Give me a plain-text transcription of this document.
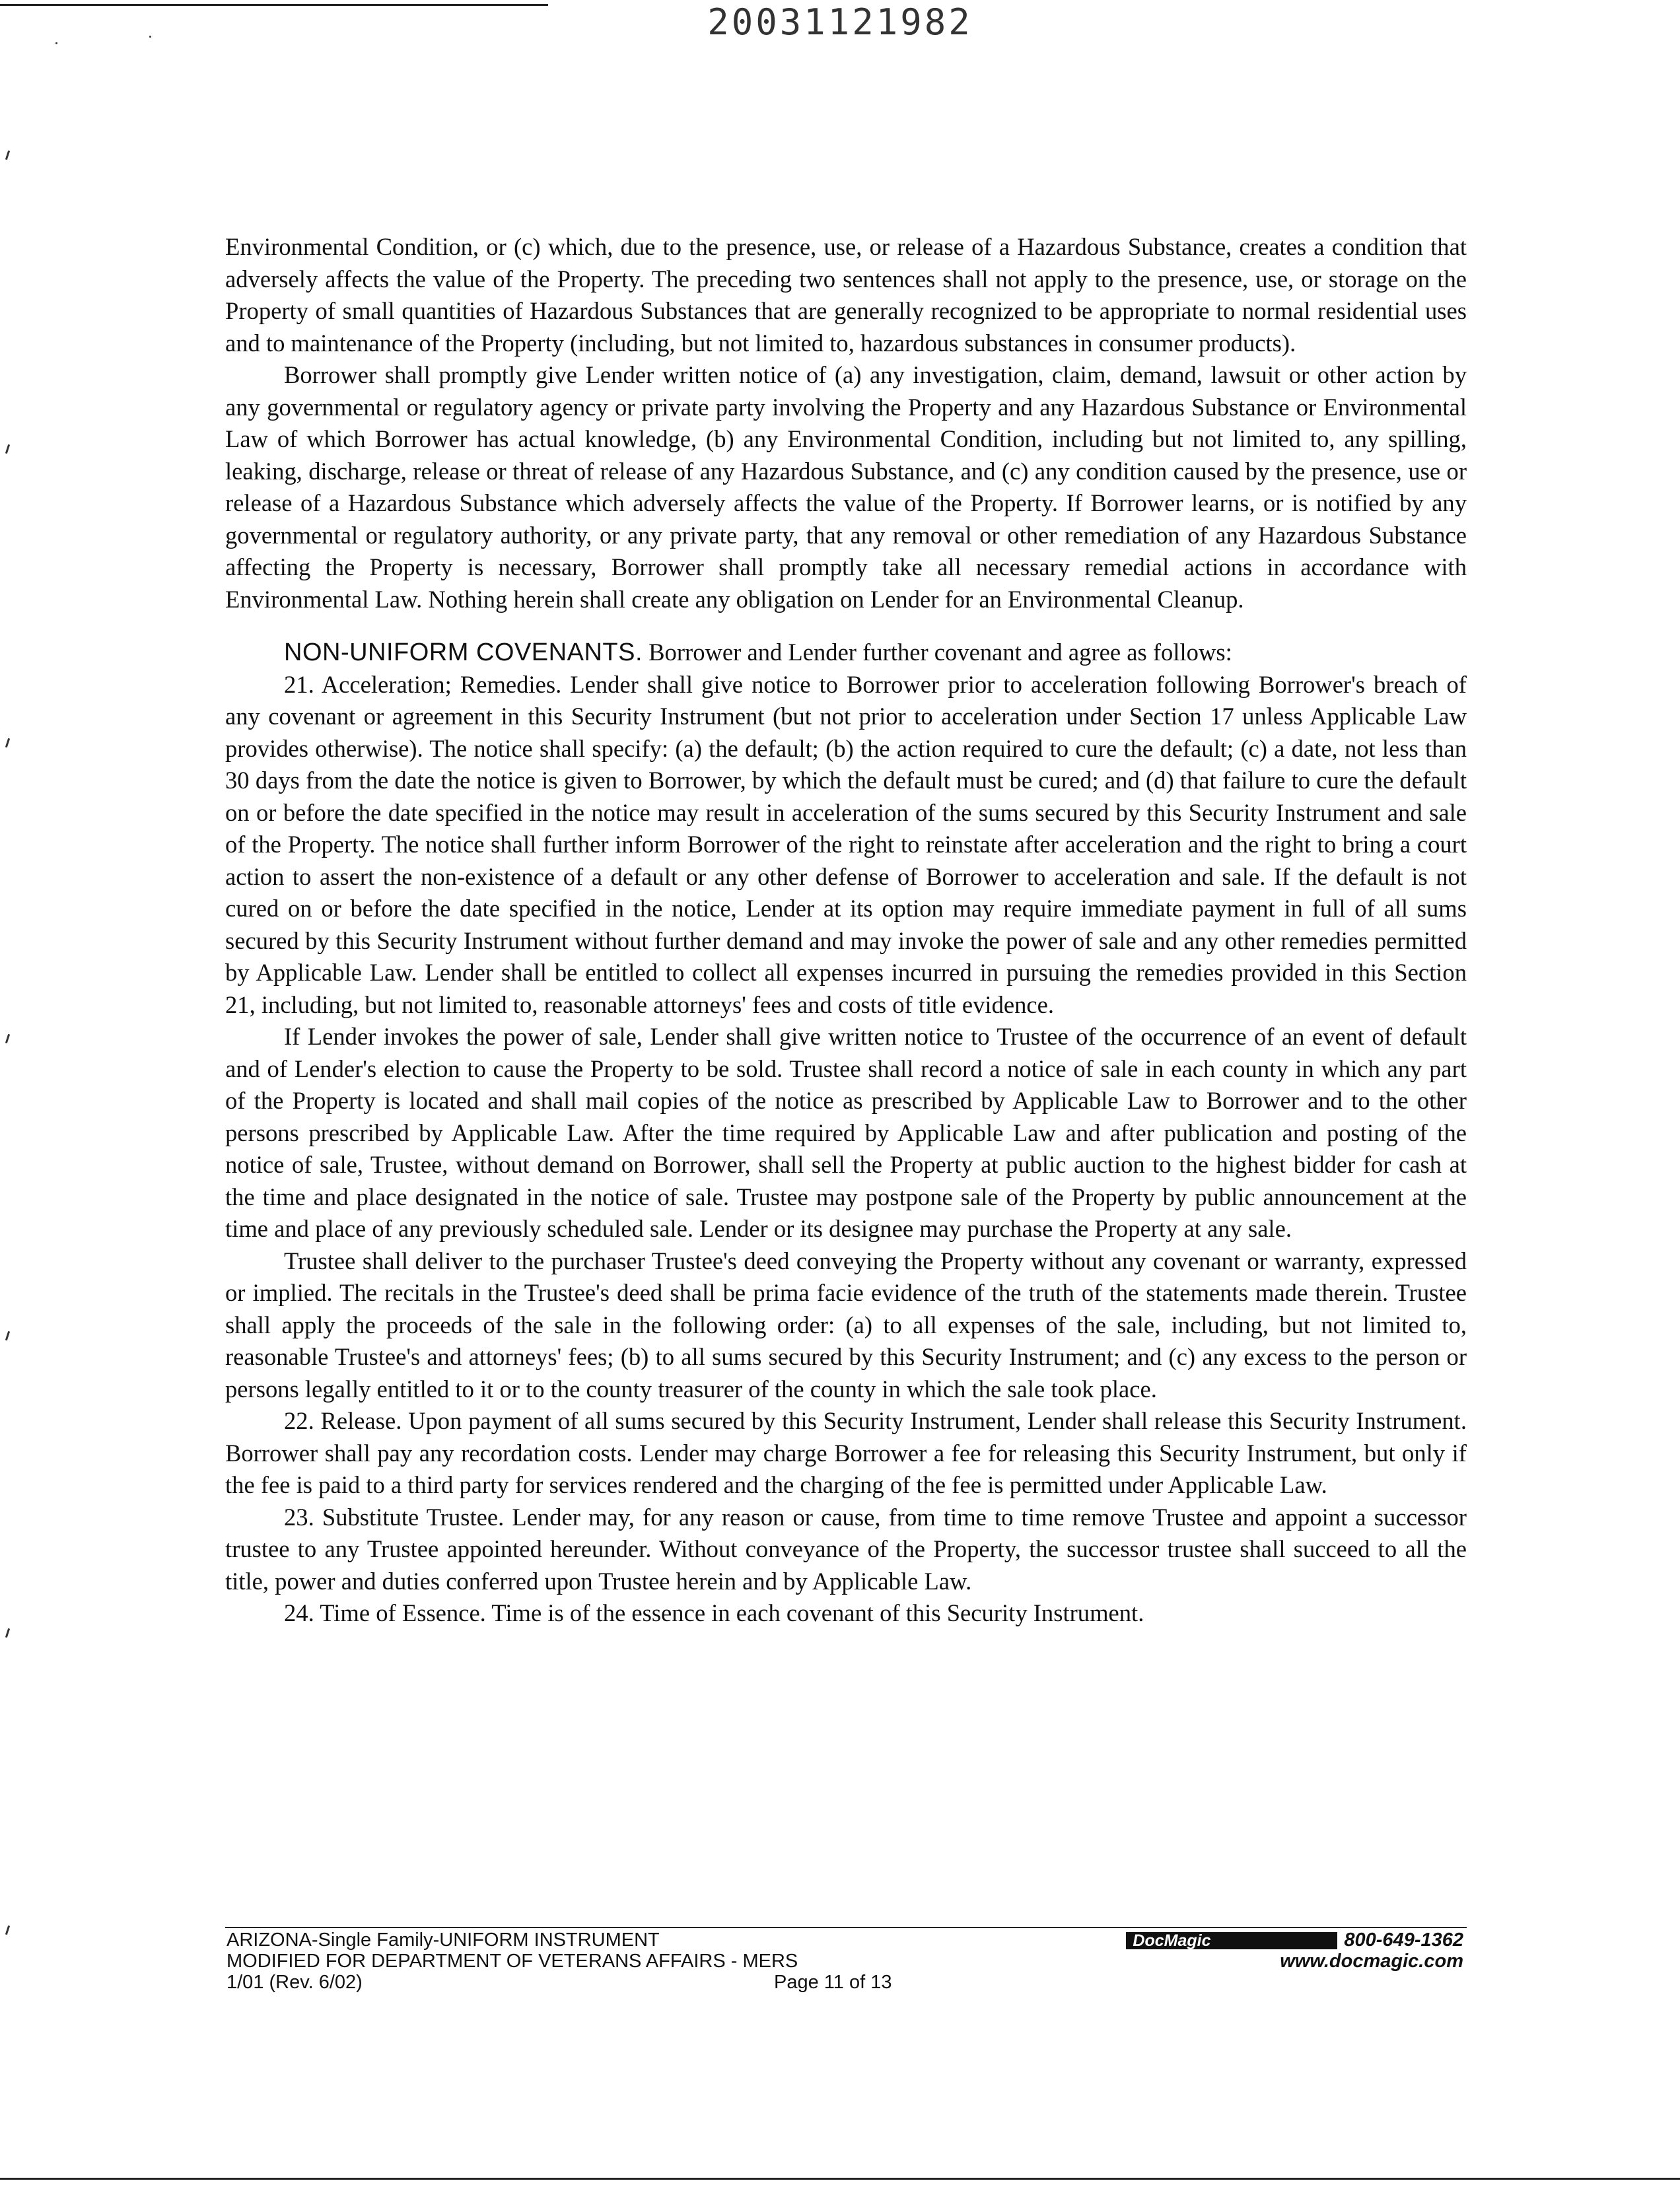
20031121982

Environmental Condition, or (c) which, due to the presence, use, or release of a Hazardous Substance, creates a condition that adversely affects the value of the Property. The preceding two sentences shall not apply to the presence, use, or storage on the Property of small quantities of Hazardous Substances that are generally recognized to be appropriate to normal residential uses and to maintenance of the Property (including, but not limited to, hazardous substances in consumer products).

Borrower shall promptly give Lender written notice of (a) any investigation, claim, demand, lawsuit or other action by any governmental or regulatory agency or private party involving the Property and any Hazardous Substance or Environmental Law of which Borrower has actual knowledge, (b) any Environmental Condition, including but not limited to, any spilling, leaking, discharge, release or threat of release of any Hazardous Substance, and (c) any condition caused by the presence, use or release of a Hazardous Substance which adversely affects the value of the Property. If Borrower learns, or is notified by any governmental or regulatory authority, or any private party, that any removal or other remediation of any Hazardous Substance affecting the Property is necessary, Borrower shall promptly take all necessary remedial actions in accordance with Environmental Law. Nothing herein shall create any obligation on Lender for an Environmental Cleanup.

NON-UNIFORM COVENANTS. Borrower and Lender further covenant and agree as follows:

21. Acceleration; Remedies. Lender shall give notice to Borrower prior to acceleration following Borrower's breach of any covenant or agreement in this Security Instrument (but not prior to acceleration under Section 17 unless Applicable Law provides otherwise). The notice shall specify: (a) the default; (b) the action required to cure the default; (c) a date, not less than 30 days from the date the notice is given to Borrower, by which the default must be cured; and (d) that failure to cure the default on or before the date specified in the notice may result in acceleration of the sums secured by this Security Instrument and sale of the Property. The notice shall further inform Borrower of the right to reinstate after acceleration and the right to bring a court action to assert the non-existence of a default or any other defense of Borrower to acceleration and sale. If the default is not cured on or before the date specified in the notice, Lender at its option may require immediate payment in full of all sums secured by this Security Instrument without further demand and may invoke the power of sale and any other remedies permitted by Applicable Law. Lender shall be entitled to collect all expenses incurred in pursuing the remedies provided in this Section 21, including, but not limited to, reasonable attorneys' fees and costs of title evidence.

If Lender invokes the power of sale, Lender shall give written notice to Trustee of the occurrence of an event of default and of Lender's election to cause the Property to be sold. Trustee shall record a notice of sale in each county in which any part of the Property is located and shall mail copies of the notice as prescribed by Applicable Law to Borrower and to the other persons prescribed by Applicable Law. After the time required by Applicable Law and after publication and posting of the notice of sale, Trustee, without demand on Borrower, shall sell the Property at public auction to the highest bidder for cash at the time and place designated in the notice of sale. Trustee may postpone sale of the Property by public announcement at the time and place of any previously scheduled sale. Lender or its designee may purchase the Property at any sale.

Trustee shall deliver to the purchaser Trustee's deed conveying the Property without any covenant or warranty, expressed or implied. The recitals in the Trustee's deed shall be prima facie evidence of the truth of the statements made therein. Trustee shall apply the proceeds of the sale in the following order: (a) to all expenses of the sale, including, but not limited to, reasonable Trustee's and attorneys' fees; (b) to all sums secured by this Security Instrument; and (c) any excess to the person or persons legally entitled to it or to the county treasurer of the county in which the sale took place.

22. Release. Upon payment of all sums secured by this Security Instrument, Lender shall release this Security Instrument. Borrower shall pay any recordation costs. Lender may charge Borrower a fee for releasing this Security Instrument, but only if the fee is paid to a third party for services rendered and the charging of the fee is permitted under Applicable Law.

23. Substitute Trustee. Lender may, for any reason or cause, from time to time remove Trustee and appoint a successor trustee to any Trustee appointed hereunder. Without conveyance of the Property, the successor trustee shall succeed to all the title, power and duties conferred upon Trustee herein and by Applicable Law.

24. Time of Essence. Time is of the essence in each covenant of this Security Instrument.

ARIZONA-Single Family-UNIFORM INSTRUMENT
MODIFIED FOR DEPARTMENT OF VETERANS AFFAIRS - MERS
1/01 (Rev. 6/02)	Page 11 of 13
DocMagic	800-649-1362
www.docmagic.com
